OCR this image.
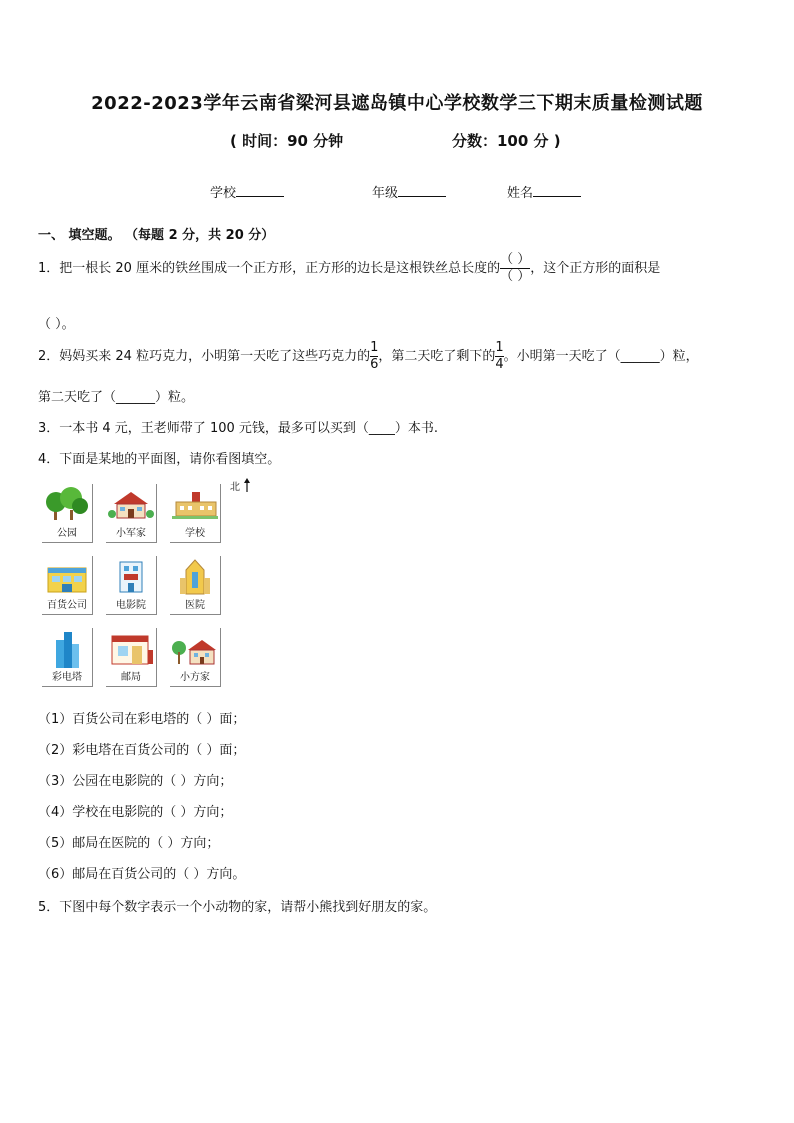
2022-2023学年云南省梁河县遮岛镇中心学校数学三下期末质量检测试题
( 时间：90 分钟	分数：100 分 )
学校	年级	姓名
一、 填空题。 （每题 2 分，共 20 分）
1．把一根长 20 厘米的铁丝围成一个正方形，正方形的边长是这根铁丝总长度的 $\frac{( )}{( )}$ ，这个正方形的面积是
（ ）。
2．妈妈买来 24 粒巧克力，小明第一天吃了这些巧克力的 $\frac{1}{6}$ ，第二天吃了剩下的 $\frac{1}{4}$ 。小明第一天吃了（______）粒，
第二天吃了（______）粒。
3．一本书 4 元，王老师带了 100 元钱，最多可以买到（____）本书.
4．下面是某地的平面图，请你看图填空。
北
公园	小军家	学校
百货公司	电影院	医院
彩电塔	邮局	小方家
（1）百货公司在彩电塔的（ ）面；
（2）彩电塔在百货公司的（ ）面；
（3）公园在电影院的（ ）方向；
（4）学校在电影院的（ ）方向；
（5）邮局在医院的（ ）方向；
（6）邮局在百货公司的（ ）方向。
5．下图中每个数字表示一个小动物的家，请帮小熊找到好朋友的家。
